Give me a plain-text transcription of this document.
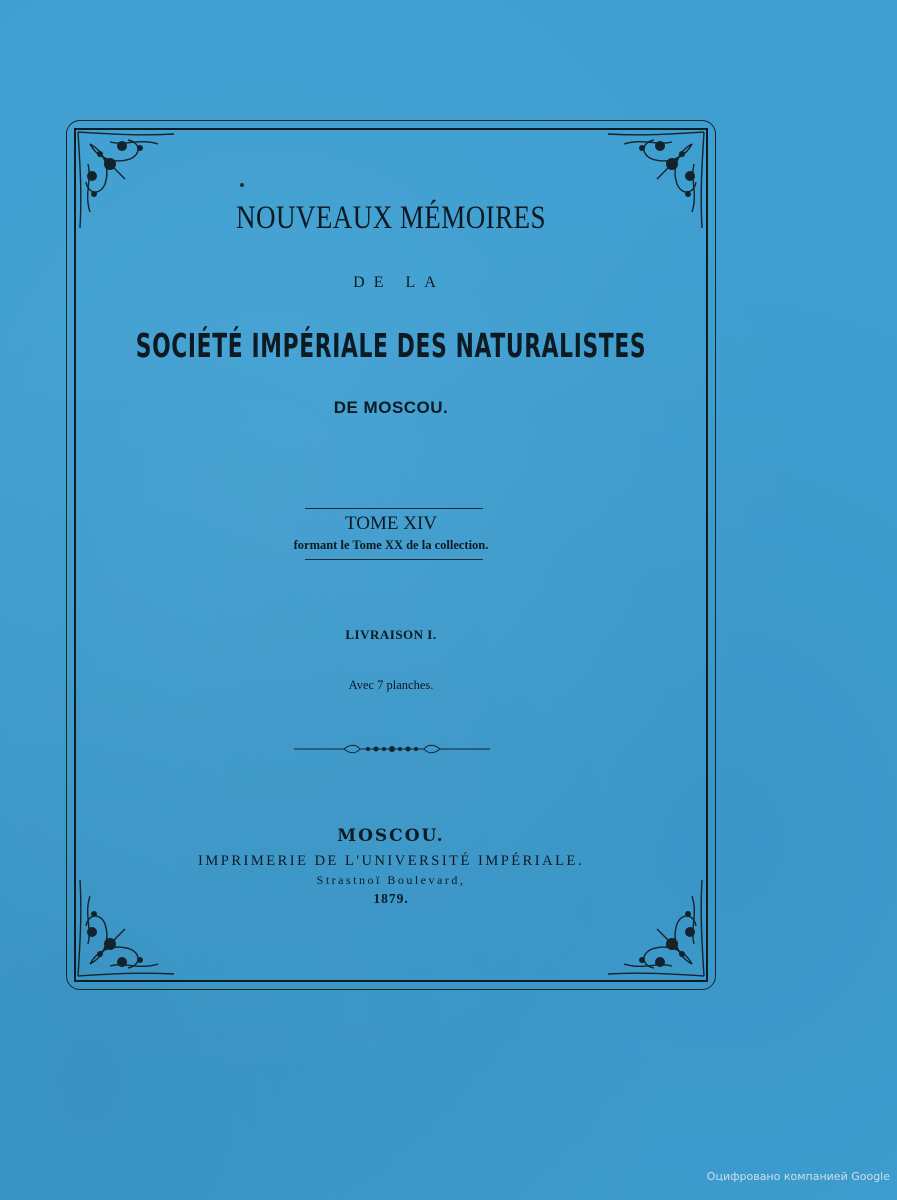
NOUVEAUX MÉMOIRES
DE LA
SOCIÉTÉ IMPÉRIALE DES NATURALISTES
DE MOSCOU.
TOME XIV
formant le Tome XX de la collection.
LIVRAISON I.
Avec 7 planches.
MOSCOU.
IMPRIMERIE DE L'UNIVERSITÉ IMPÉRIALE.
Strastnoï Boulevard,
1879.
Оцифровано компанией Google
